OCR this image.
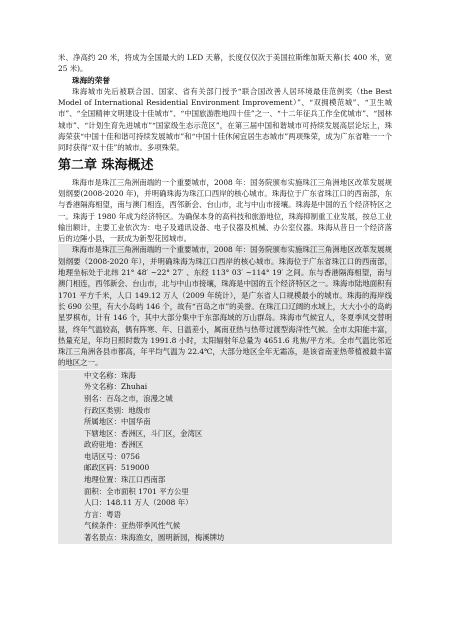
米、净高约 20 米，将成为全国最大的 LED 天幕，长度仅仅次于美国拉斯维加斯天幕(长 400 米，宽 25 米)。

珠海的荣誉

珠海城市先后被联合国、国家、省有关部门授予“联合国改善人居环境最佳范例奖（the Best Model of International Residential Environment Improvement）”、“双拥模范城”、“卫生城市”、“全国精神文明建设十佳城市”、“中国旅游胜地四十佳”之一、“十二年征兵工作全优城市”、“园林城市”、“计划生育先进城市”“国家级生态示范区”，在第三届中国和谐城市可持续发展高层论坛上，珠海荣获“中国十佳和谐可持续发展城市”和“中国十佳休闲宜居生态城市”两项殊荣，成为广东省唯一一个同时获得“双十佳”的城市。多项殊荣。

第二章 珠海概述

珠海市是珠江三角洲南端的一个重要城市，2008 年：国务院颁布实施珠江三角洲地区改革发展规划纲要(2008-2020 年)，并明确珠海为珠江口西岸的核心城市。珠海位于广东省珠江口的西南部，东与香港隔海相望，南与澳门相连，西邻新会、台山市，北与中山市接壤。珠海是中国的五个经济特区之一。珠海于 1980 年成为经济特区。为确保本身的高科技和旅游地位，珠海抑制重工业发展，按总工业输出额计，主要工业依次为：电子及通讯设备、电子仪器及机械、办公室仪器。珠海从昔日一个经济落后的边陲小县，一跃成为新型花园城市。

珠海市是珠江三角洲南端的一个重要城市，2008 年：国务院颁布实施珠江三角洲地区改革发展规划纲要（2008-2020 年），并明确珠海为珠江口西岸的核心城市。珠海位于广东省珠江口的西南部，地理坐标处于北纬 21° 48′ ~22° 27′ 、东经 113° 03′ ~114° 19′ 之间。东与香港隔海相望，南与澳门相连，西邻新会、台山市，北与中山市接壤，珠海是中国的五个经济特区之一。珠海市陆地面积有 1701 平方千米，人口 149.12 万人（2009 年统计），是广东省人口规模最小的城市。珠海的海岸线长 690 公里，有大小岛屿 146 个，故有“百岛之市”的美誉。在珠江口辽阔的水域上，大大小小的岛屿星罗棋布，计有 146 个，其中大部分集中于东部海域的万山群岛。珠海市气候宜人，冬夏季风交替明显，终年气温较高，偶有阵寒、年、日温差小，属南亚热与热带过渡型海洋性气候。全市太阳能丰富，热量充足，年均日照时数为 1991.8 小时，太阳辐射年总量为 4651.6 兆焦/平方米。全市气温比邻近珠江三角洲各县市都高，年平均气温为 22.4℃，大部分地区全年无霜冻，是该省南亚热带植被最丰富的地区之一。

中文名称：珠海
外文名称：Zhuhai
别名：百岛之市，浪漫之城
行政区类别：地级市
所属地区：中国华南
下辖地区：香洲区，斗门区，金湾区
政府驻地：香洲区
电话区号：0756
邮政区码：519000
地理位置：珠江口西南部
面积：全市面积 1701 平方公里
人口：148.11 万人（2008 年）
方言：粤语
气候条件：亚热带季风性气候
著名景点：珠海渔女，圆明新园，梅溪牌坊
